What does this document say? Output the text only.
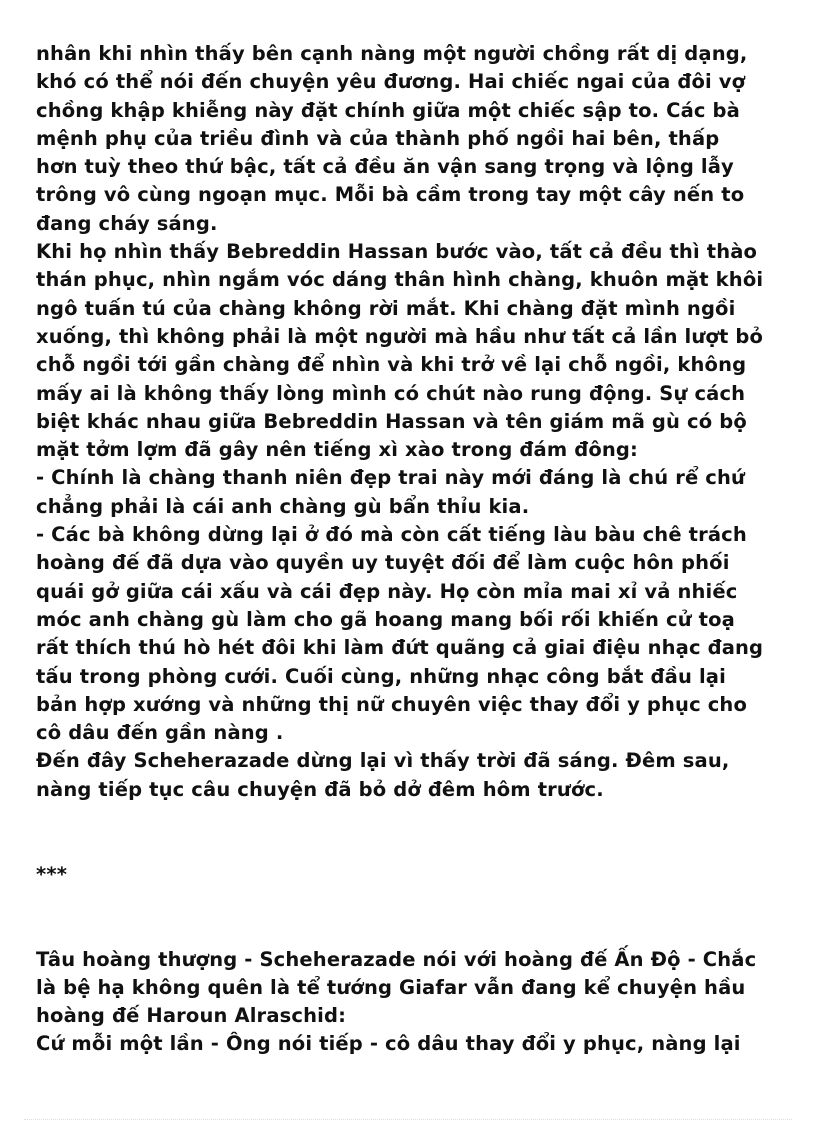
nhân khi nhìn thấy bên cạnh nàng một người chồng rất dị dạng,
khó có thể nói đến chuyện yêu đương. Hai chiếc ngai của đôi vợ
chồng khập khiễng này đặt chính giữa một chiếc sập to. Các bà
mệnh phụ của triều đình và của thành phố ngồi hai bên, thấp
hơn tuỳ theo thứ bậc, tất cả đều ăn vận sang trọng và lộng lẫy
trông vô cùng ngoạn mục. Mỗi bà cầm trong tay một cây nến to
đang cháy sáng.
Khi họ nhìn thấy Bebreddin Hassan bước vào, tất cả đều thì thào
thán phục, nhìn ngắm vóc dáng thân hình chàng, khuôn mặt khôi
ngô tuấn tú của chàng không rời mắt. Khi chàng đặt mình ngồi
xuống, thì không phải là một người mà hầu như tất cả lần lượt bỏ
chỗ ngồi tới gần chàng để nhìn và khi trở về lại chỗ ngồi, không
mấy ai là không thấy lòng mình có chút nào rung động. Sự cách
biệt khác nhau giữa Bebreddin Hassan và tên giám mã gù có bộ
mặt tởm lợm đã gây nên tiếng xì xào trong đám đông:
- Chính là chàng thanh niên đẹp trai này mới đáng là chú rể chứ
chẳng phải là cái anh chàng gù bẩn thỉu kia.
- Các bà không dừng lại ở đó mà còn cất tiếng làu bàu chê trách
hoàng đế đã dựa vào quyền uy tuyệt đối để làm cuộc hôn phối
quái gở giữa cái xấu và cái đẹp này. Họ còn mỉa mai xỉ vả nhiếc
móc anh chàng gù làm cho gã hoang mang bối rối khiến cử toạ
rất thích thú hò hét đôi khi làm đứt quãng cả giai điệu nhạc đang
tấu trong phòng cưới. Cuối cùng, những nhạc công bắt đầu lại
bản hợp xướng và những thị nữ chuyên việc thay đổi y phục cho
cô dâu đến gần nàng .
Đến đây Scheherazade dừng lại vì thấy trời đã sáng. Đêm sau,
nàng tiếp tục câu chuyện đã bỏ dở đêm hôm trước.
***
Tâu hoàng thượng - Scheherazade nói với hoàng đế Ấn Độ - Chắc
là bệ hạ không quên là tể tướng Giafar vẫn đang kể chuyện hầu
hoàng đế Haroun Alraschid:
Cứ mỗi một lần - Ông nói tiếp - cô dâu thay đổi y phục, nàng lại
